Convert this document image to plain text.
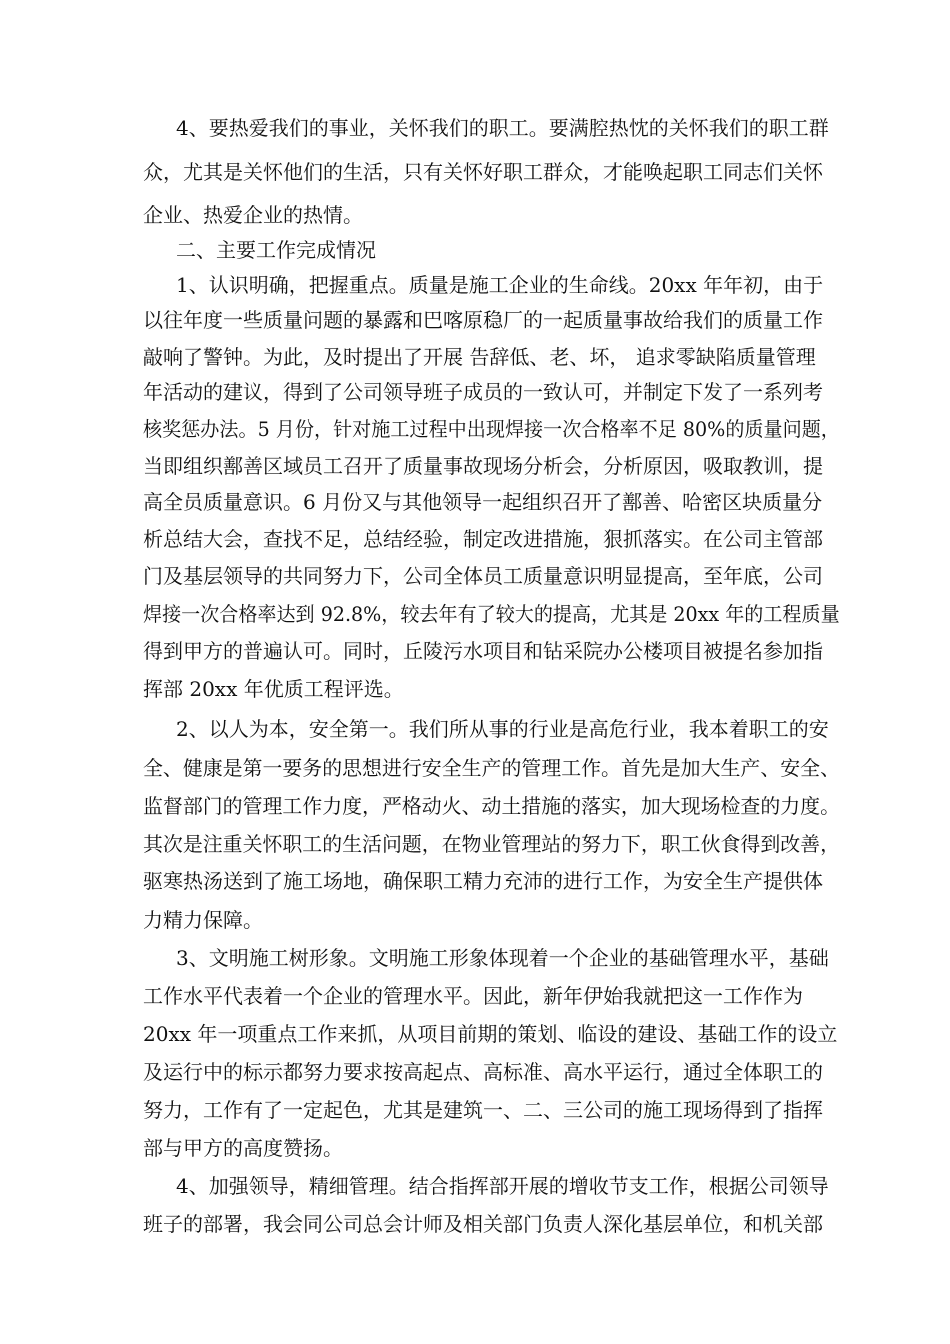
4、要热爱我们的事业，关怀我们的职工。要满腔热忱的关怀我们的职工群
众，尤其是关怀他们的生活，只有关怀好职工群众，才能唤起职工同志们关怀
企业、热爱企业的热情。
二、主要工作完成情况
1、认识明确，把握重点。质量是施工企业的生命线。20xx 年年初，由于
以往年度一些质量问题的暴露和巴喀原稳厂的一起质量事故给我们的质量工作
敲响了警钟。为此，及时提出了开展 告辞低、老、坏， 追求零缺陷质量管理
年活动的建议，得到了公司领导班子成员的一致认可，并制定下发了一系列考
核奖惩办法。5 月份，针对施工过程中出现焊接一次合格率不足 80%的质量问题，
当即组织鄯善区域员工召开了质量事故现场分析会，分析原因，吸取教训，提
高全员质量意识。6 月份又与其他领导一起组织召开了鄯善、哈密区块质量分
析总结大会，查找不足，总结经验，制定改进措施，狠抓落实。在公司主管部
门及基层领导的共同努力下，公司全体员工质量意识明显提高，至年底，公司
焊接一次合格率达到 92.8%，较去年有了较大的提高，尤其是 20xx 年的工程质量
得到甲方的普遍认可。同时，丘陵污水项目和钻采院办公楼项目被提名参加指
挥部 20xx 年优质工程评选。
2、以人为本，安全第一。我们所从事的行业是高危行业，我本着职工的安
全、健康是第一要务的思想进行安全生产的管理工作。首先是加大生产、安全、
监督部门的管理工作力度，严格动火、动土措施的落实，加大现场检查的力度。
其次是注重关怀职工的生活问题，在物业管理站的努力下，职工伙食得到改善，
驱寒热汤送到了施工场地，确保职工精力充沛的进行工作，为安全生产提供体
力精力保障。
3、文明施工树形象。文明施工形象体现着一个企业的基础管理水平，基础
工作水平代表着一个企业的管理水平。因此，新年伊始我就把这一工作作为
20xx 年一项重点工作来抓，从项目前期的策划、临设的建设、基础工作的设立
及运行中的标示都努力要求按高起点、高标准、高水平运行，通过全体职工的
努力，工作有了一定起色，尤其是建筑一、二、三公司的施工现场得到了指挥
部与甲方的高度赞扬。
4、加强领导，精细管理。结合指挥部开展的增收节支工作，根据公司领导
班子的部署，我会同公司总会计师及相关部门负责人深化基层单位，和机关部
